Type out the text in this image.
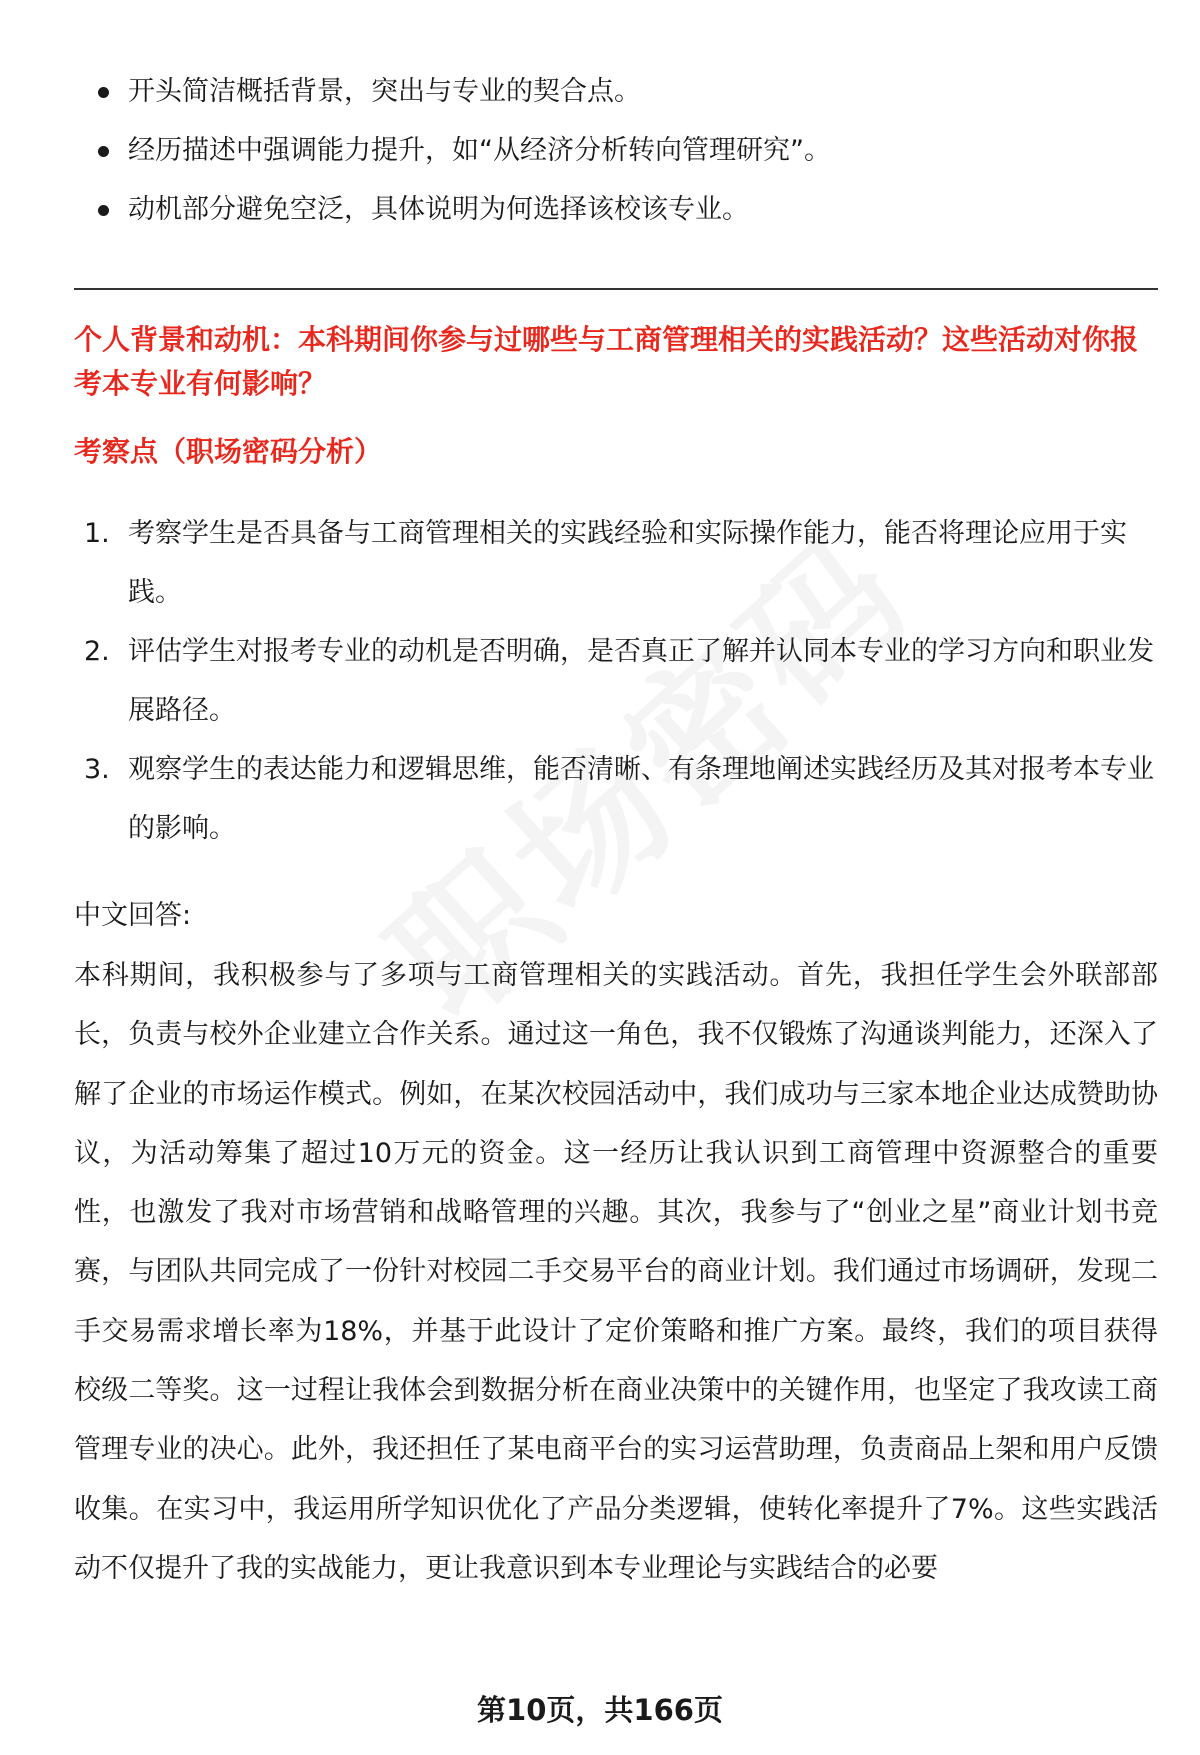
开头简洁概括背景，突出与专业的契合点。
经历描述中强调能力提升，如“从经济分析转向管理研究”。
动机部分避免空泛，具体说明为何选择该校该专业。

个人背景和动机：本科期间你参与过哪些与工商管理相关的实践活动？这些活动对你报考本专业有何影响？

考察点（职场密码分析）

1. 考察学生是否具备与工商管理相关的实践经验和实际操作能力，能否将理论应用于实践。
2. 评估学生对报考专业的动机是否明确，是否真正了解并认同本专业的学习方向和职业发展路径。
3. 观察学生的表达能力和逻辑思维，能否清晰、有条理地阐述实践经历及其对报考本专业的影响。

中文回答:

本科期间，我积极参与了多项与工商管理相关的实践活动。首先，我担任学生会外联部部长，负责与校外企业建立合作关系。通过这一角色，我不仅锻炼了沟通谈判能力，还深入了解了企业的市场运作模式。例如，在某次校园活动中，我们成功与三家本地企业达成赞助协议，为活动筹集了超过10万元的资金。这一经历让我认识到工商管理中资源整合的重要性，也激发了我对市场营销和战略管理的兴趣。其次，我参与了“创业之星”商业计划书竞赛，与团队共同完成了一份针对校园二手交易平台的商业计划。我们通过市场调研，发现二手交易需求增长率为18%，并基于此设计了定价策略和推广方案。最终，我们的项目获得校级二等奖。这一过程让我体会到数据分析在商业决策中的关键作用，也坚定了我攻读工商管理专业的决心。此外，我还担任了某电商平台的实习运营助理，负责商品上架和用户反馈收集。在实习中，我运用所学知识优化了产品分类逻辑，使转化率提升了7%。这些实践活动不仅提升了我的实战能力，更让我意识到本专业理论与实践结合的必要

第10页，共166页
